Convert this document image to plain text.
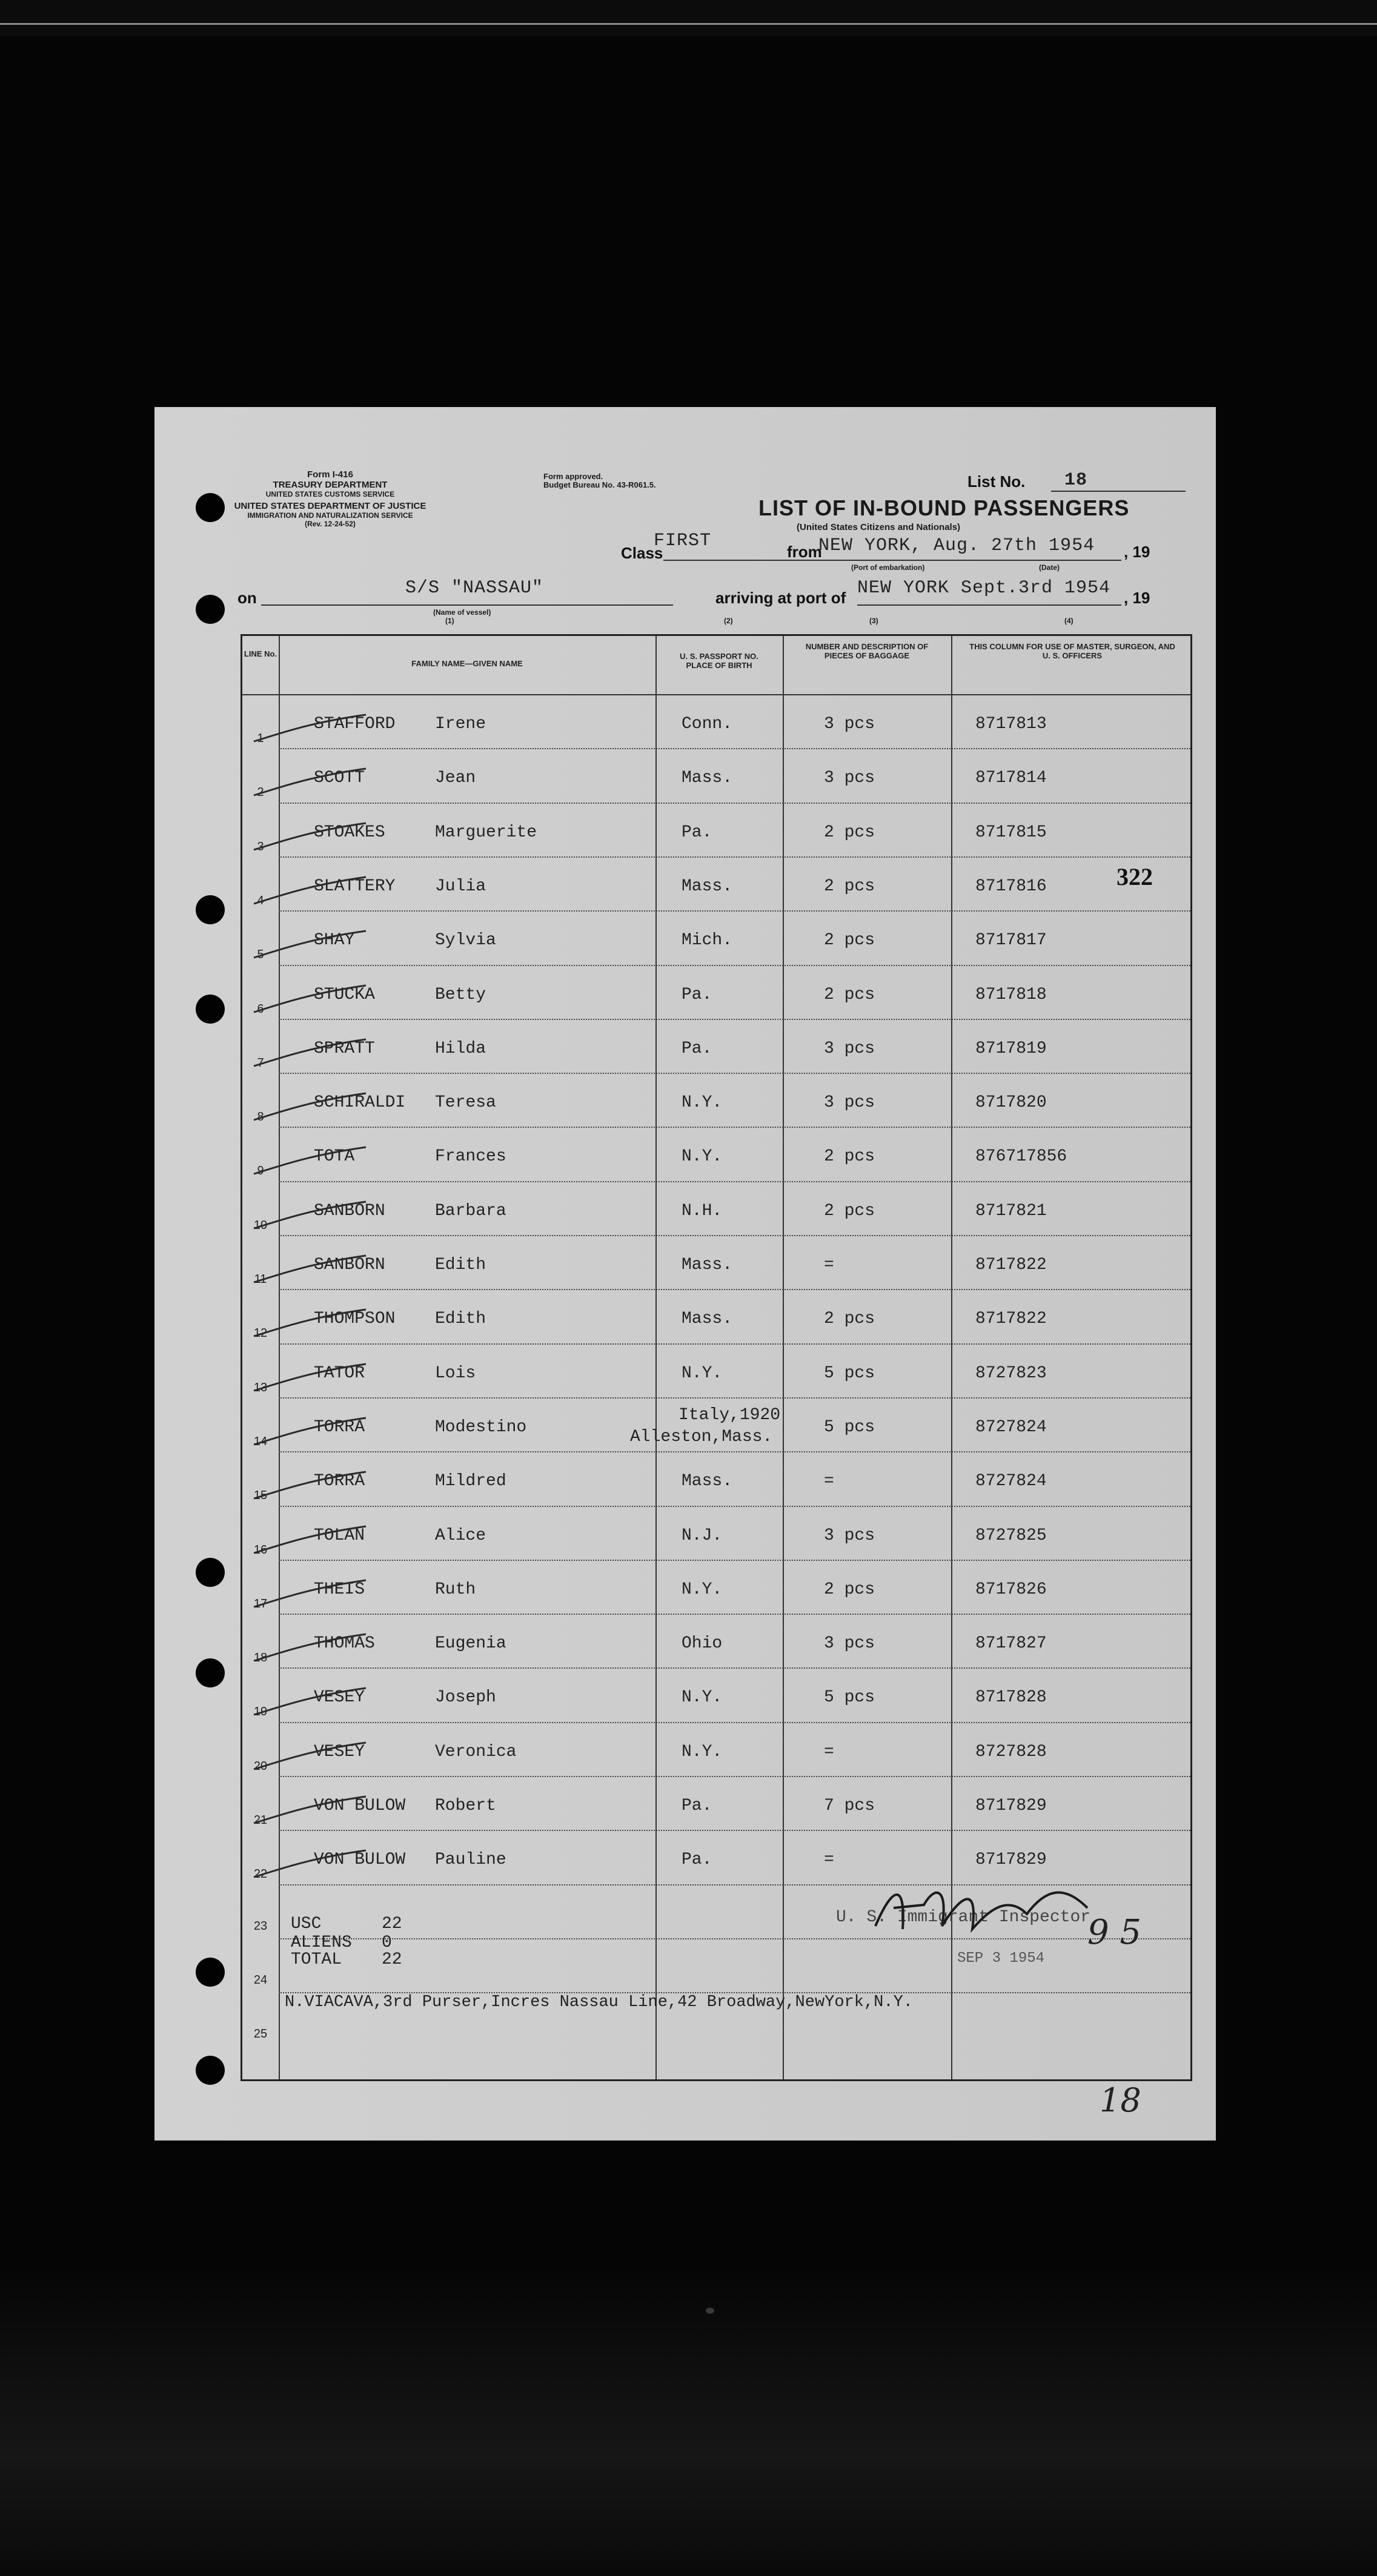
Form I-416
TREASURY DEPARTMENT
UNITED STATES CUSTOMS SERVICE
UNITED STATES DEPARTMENT OF JUSTICE
IMMIGRATION AND NATURALIZATION SERVICE
(Rev. 12-24-52)
Form approved.
Budget Bureau No. 43-R061.5.	List No. 18
LIST OF IN-BOUND PASSENGERS
(United States Citizens and Nationals)
Class
FIRST
from
NEW YORK, Aug. 27th 1954 , 19
(Port of embarkation)	(Date)
on	S/S "NASSAU"
(Name of vessel)
arriving at port of NEW YORK Sept.3rd 1954 , 19
(1)	(2)	(3)	(4)
322
LINE No.
FAMILY NAME—GIVEN NAME
U. S. PASSPORT NO. PLACE OF BIRTH
NUMBER AND DESCRIPTION OF PIECES OF BAGGAGE
THIS COLUMN FOR USE OF MASTER, SURGEON, AND U. S. OFFICERS
1
STAFFORD Irene	Conn.	3 pcs	8717813
2
SCOTT	Jean	Mass.	3 pcs	8717814
3
STOAKES	Marguerite	Pa.	2 pcs	8717815
4
SLATTERY Julia	Mass.	2 pcs	8717816
5
SHAY	Sylvia	Mich.	2 pcs	8717817
6
STUCKA	Betty	Pa.	2 pcs	8717818
7
SPRATT	Hilda	Pa.	3 pcs	8717819
8
SCHIRALDI Teresa	N.Y.	3 pcs	8717820
9
TOTA	Frances	N.Y.	2 pcs	876717856
10
SANBORN	Barbara	N.H.	2 pcs	8717821
11
SANBORN	Edith	Mass.	=	8717822
12
THOMPSON Edith	Mass.	2 pcs	8717822
13
TATOR	Lois	N.Y.	5 pcs	8727823
14
TORRA	Modestino
Italy,1920
Alleston,Mass.
5 pcs	8727824
15
TORRA	Mildred	Mass.	=	8727824
16
TOLAN	Alice	N.J.	3 pcs	8727825
17
THEIS	Ruth	N.Y.	2 pcs	8717826
18
THOMAS	Eugenia	Ohio	3 pcs	8717827
19
VESEY	Joseph	N.Y.	5 pcs	8717828
20
VESEY	Veronica	N.Y.	=	8727828
21
VON BULOW Robert	Pa.	7 pcs	8717829
22
VON BULOW Pauline	Pa.	=	8717829
23
24
25
USC	22
ALIENS 0
TOTAL 22
N.VIACAVA,3rd Purser,Incres Nassau Line,42 Broadway,NewYork,N.Y.
U. S. Immigrant Inspector
SEP 3 1954
9 5
18
